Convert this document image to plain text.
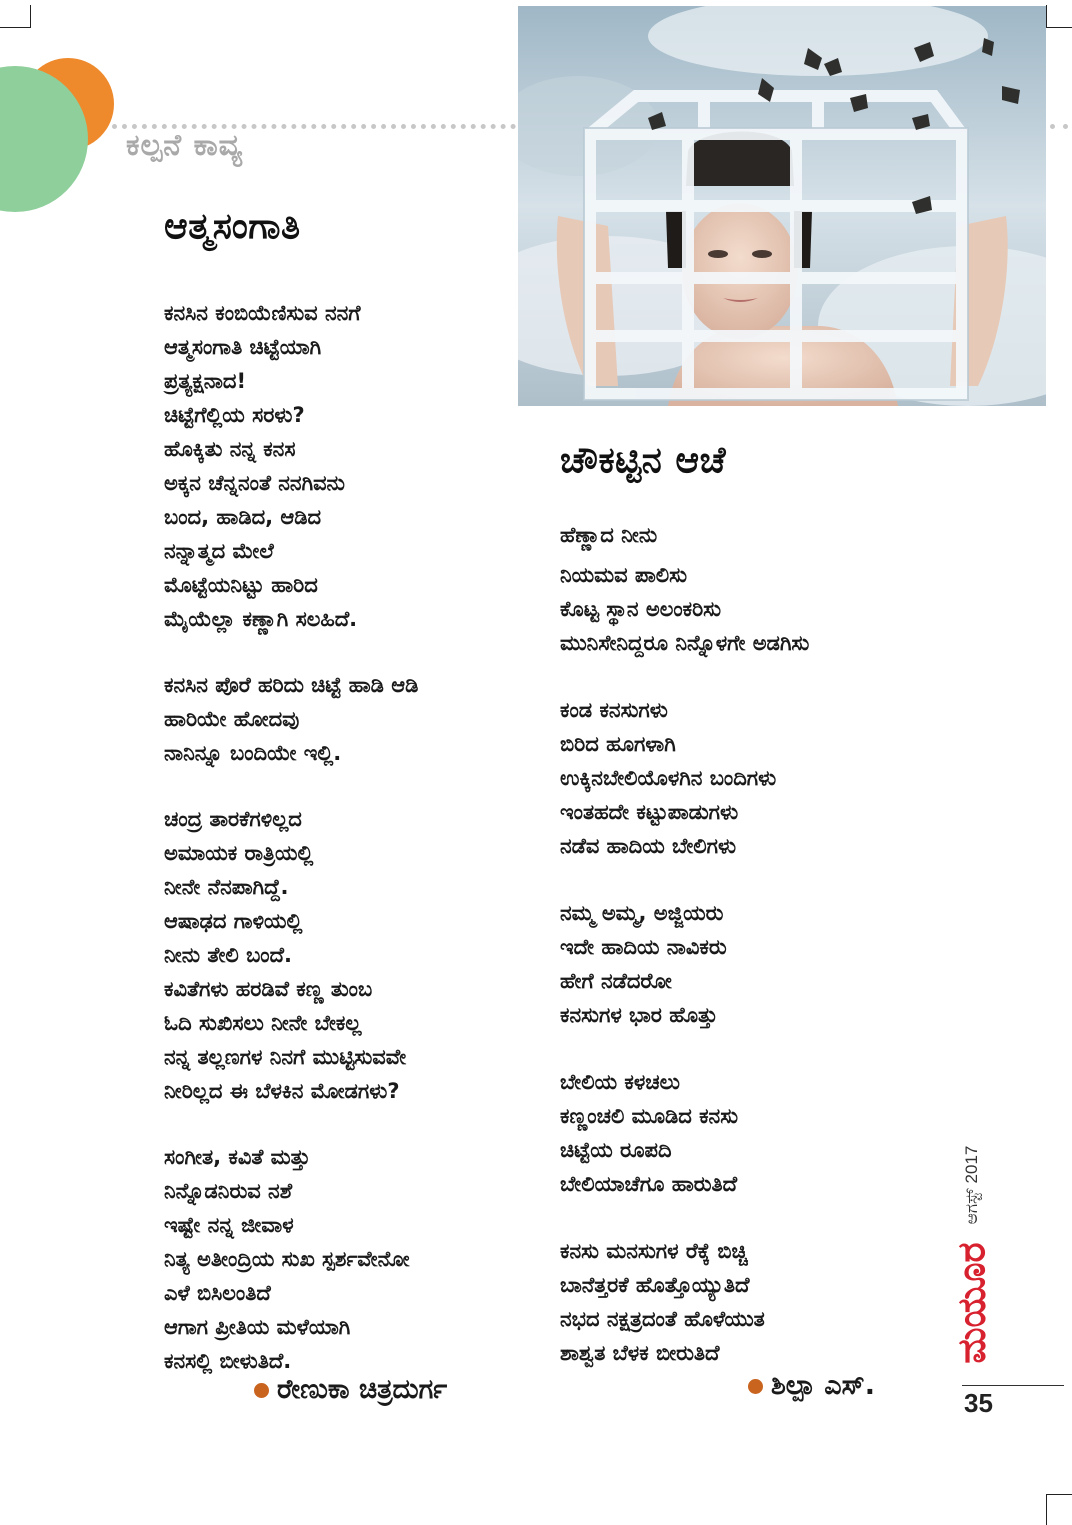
ಕಲ್ಪನೆ ಕಾವ್ಯ
ಆತ್ಮಸಂಗಾತಿ
ಕನಸಿನ ಕಂಬಿಯೆಣಿಸುವ ನನಗೆ
ಆತ್ಮಸಂಗಾತಿ ಚಿಟ್ಟೆಯಾಗಿ
ಪ್ರತ್ಯಕ್ಷನಾದ!
ಚಿಟ್ಟೆಗೆಲ್ಲಿಯ ಸರಳು?
ಹೊಕ್ಕಿತು ನನ್ನ ಕನಸ
ಅಕ್ಕನ ಚೆನ್ನನಂತೆ ನನಗಿವನು
ಬಂದ, ಹಾಡಿದ, ಆಡಿದ
ನನ್ನಾತ್ಮದ ಮೇಲೆ
ಮೊಟ್ಟೆಯನಿಟ್ಟು ಹಾರಿದ
ಮೈಯೆಲ್ಲಾ ಕಣ್ಣಾಗಿ ಸಲಹಿದೆ.
ಕನಸಿನ ಪೊರೆ ಹರಿದು ಚಿಟ್ಟೆ ಹಾಡಿ ಆಡಿ
ಹಾರಿಯೇ ಹೋದವು
ನಾನಿನ್ನೂ ಬಂದಿಯೇ ಇಲ್ಲಿ.
ಚಂದ್ರ ತಾರಕೆಗಳಿಲ್ಲದ
ಅಮಾಯಕ ರಾತ್ರಿಯಲ್ಲಿ
ನೀನೇ ನೆನಪಾಗಿದ್ದೆ.
ಆಷಾಢದ ಗಾಳಿಯಲ್ಲಿ
ನೀನು ತೇಲಿ ಬಂದೆ.
ಕವಿತೆಗಳು ಹರಡಿವೆ ಕಣ್ಣ ತುಂಬ
ಓದಿ ಸುಖಿಸಲು ನೀನೇ ಬೇಕಲ್ಲ
ನನ್ನ ತಲ್ಲಣಗಳ ನಿನಗೆ ಮುಟ್ಟಿಸುವವೇ
ನೀರಿಲ್ಲದ ಈ ಬೆಳಕಿನ ಮೋಡಗಳು?
ಸಂಗೀತ, ಕವಿತೆ ಮತ್ತು
ನಿನ್ನೊಡನಿರುವ ನಶೆ
ಇಷ್ಟೇ ನನ್ನ ಜೀವಾಳ
ನಿತ್ಯ ಅತೀಂದ್ರಿಯ ಸುಖ ಸ್ಪರ್ಶವೇನೋ
ಎಳೆ ಬಿಸಿಲಂತಿದೆ
ಆಗಾಗ ಪ್ರೀತಿಯ ಮಳೆಯಾಗಿ
ಕನಸಲ್ಲಿ ಬೀಳುತಿದೆ.
ರೇಣುಕಾ ಚಿತ್ರದುರ್ಗ
ಚೌಕಟ್ಟಿನ ಆಚೆ
ಹೆಣ್ಣಾದ ನೀನು
ನಿಯಮವ ಪಾಲಿಸು
ಕೊಟ್ಟ ಸ್ಥಾನ ಅಲಂಕರಿಸು
ಮುನಿಸೇನಿದ್ದರೂ ನಿನ್ನೊಳಗೇ ಅಡಗಿಸು
ಕಂಡ ಕನಸುಗಳು
ಬಿರಿದ ಹೂಗಳಾಗಿ
ಉಕ್ಕಿನಬೇಲಿಯೊಳಗಿನ ಬಂದಿಗಳು
ಇಂತಹದೇ ಕಟ್ಟುಪಾಡುಗಳು
ನಡೆವ ಹಾದಿಯ ಬೇಲಿಗಳು
ನಮ್ಮ ಅಮ್ಮ, ಅಜ್ಜಿಯರು
ಇದೇ ಹಾದಿಯ ನಾವಿಕರು
ಹೇಗೆ ನಡೆದರೋ
ಕನಸುಗಳ ಭಾರ ಹೊತ್ತು
ಬೇಲಿಯ ಕಳಚಲು
ಕಣ್ಣಂಚಲಿ ಮೂಡಿದ ಕನಸು
ಚಿಟ್ಟೆಯ ರೂಪದಿ
ಬೇಲಿಯಾಚೆಗೂ ಹಾರುತಿದೆ
ಕನಸು ಮನಸುಗಳ ರೆಕ್ಕೆ ಬಿಚ್ಚಿ
ಬಾನೆತ್ತರಕೆ ಹೊತ್ತೊಯ್ಯುತಿದೆ
ನಭದ ನಕ್ಷತ್ರದಂತೆ ಹೊಳೆಯುತ
ಶಾಶ್ವತ ಬೆಳಕ ಬೀರುತಿದೆ
ಶಿಲ್ಪಾ ಎಸ್.
ಆಗಸ್ಟ್ 2017
ಮಯೂರ
35
